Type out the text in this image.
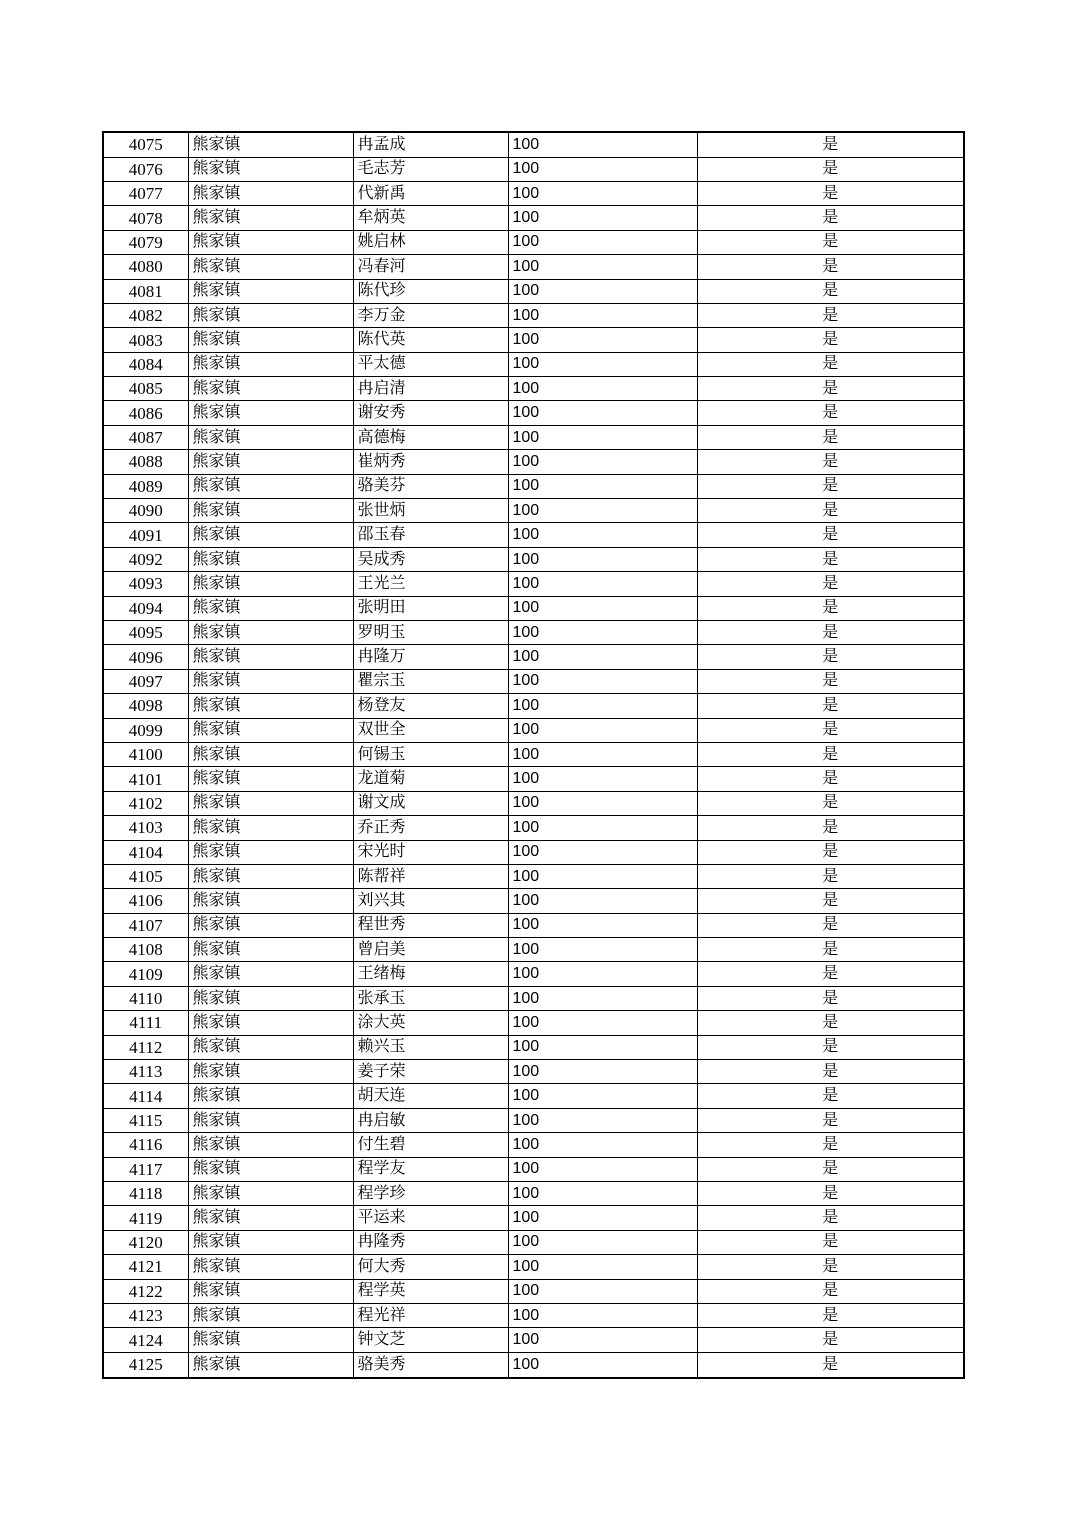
4075	熊家镇	冉孟成	100	是
4076	熊家镇	毛志芳	100	是
4077	熊家镇	代新禹	100	是
4078	熊家镇	牟炳英	100	是
4079	熊家镇	姚启林	100	是
4080	熊家镇	冯春河	100	是
4081	熊家镇	陈代珍	100	是
4082	熊家镇	李万金	100	是
4083	熊家镇	陈代英	100	是
4084	熊家镇	平太德	100	是
4085	熊家镇	冉启清	100	是
4086	熊家镇	谢安秀	100	是
4087	熊家镇	高德梅	100	是
4088	熊家镇	崔炳秀	100	是
4089	熊家镇	骆美芬	100	是
4090	熊家镇	张世炳	100	是
4091	熊家镇	邵玉春	100	是
4092	熊家镇	吴成秀	100	是
4093	熊家镇	王光兰	100	是
4094	熊家镇	张明田	100	是
4095	熊家镇	罗明玉	100	是
4096	熊家镇	冉隆万	100	是
4097	熊家镇	瞿宗玉	100	是
4098	熊家镇	杨登友	100	是
4099	熊家镇	双世全	100	是
4100	熊家镇	何锡玉	100	是
4101	熊家镇	龙道菊	100	是
4102	熊家镇	谢文成	100	是
4103	熊家镇	乔正秀	100	是
4104	熊家镇	宋光时	100	是
4105	熊家镇	陈帮祥	100	是
4106	熊家镇	刘兴其	100	是
4107	熊家镇	程世秀	100	是
4108	熊家镇	曾启美	100	是
4109	熊家镇	王绪梅	100	是
4110	熊家镇	张承玉	100	是
4111	熊家镇	涂大英	100	是
4112	熊家镇	赖兴玉	100	是
4113	熊家镇	姜子荣	100	是
4114	熊家镇	胡天连	100	是
4115	熊家镇	冉启敏	100	是
4116	熊家镇	付生碧	100	是
4117	熊家镇	程学友	100	是
4118	熊家镇	程学珍	100	是
4119	熊家镇	平运来	100	是
4120	熊家镇	冉隆秀	100	是
4121	熊家镇	何大秀	100	是
4122	熊家镇	程学英	100	是
4123	熊家镇	程光祥	100	是
4124	熊家镇	钟文芝	100	是
4125	熊家镇	骆美秀	100	是
